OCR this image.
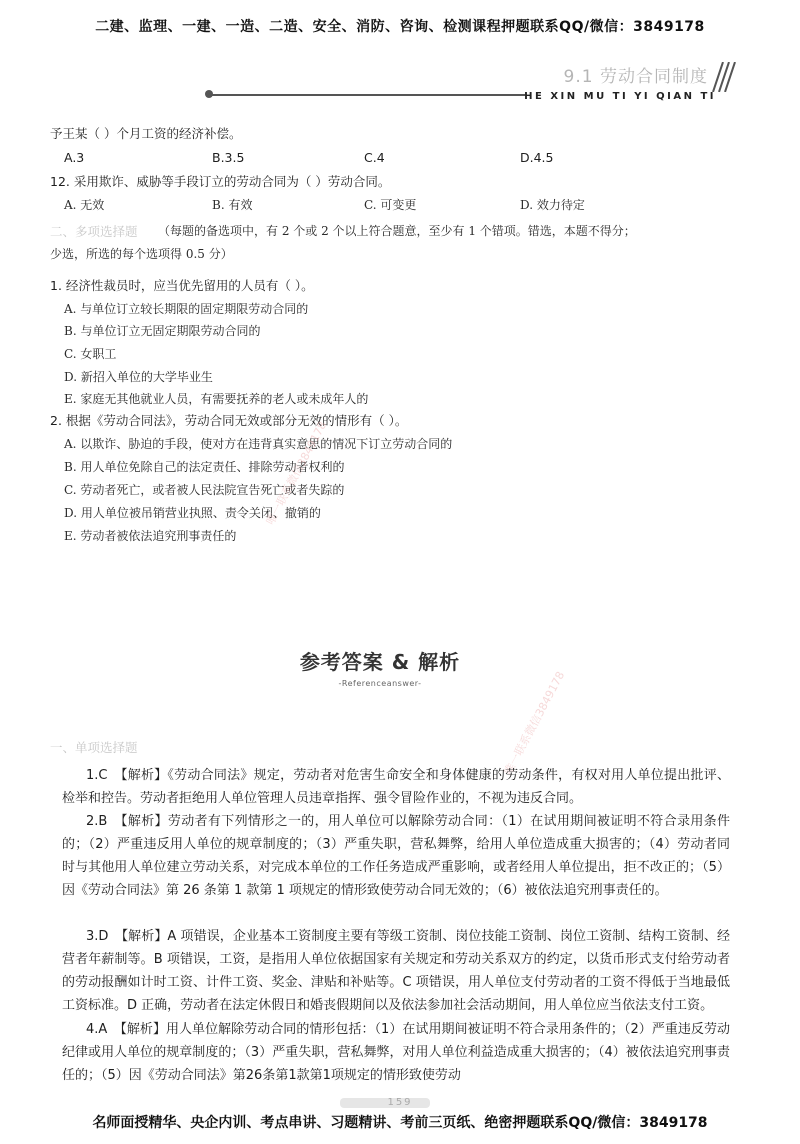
二建、监理、一建、一造、二造、安全、消防、咨询、检测课程押题联系QQ/微信：3849178
9.1 劳动合同制度
HE XIN MU TI YI QIAN TI
予王某（ ）个月工资的经济补偿。
A.3	B.3.5	C.4	D.4.5
12. 采用欺诈、威胁等手段订立的劳动合同为（ ）劳动合同。
A. 无效	B. 有效	C. 可变更	D. 效力待定
二、多项选择题 （每题的备选项中，有 2 个或 2 个以上符合题意，至少有 1 个错项。错选，本题不得分；
少选，所选的每个选项得 0.5 分）
1. 经济性裁员时，应当优先留用的人员有（ ）。
A. 与单位订立较长期限的固定期限劳动合同的
B. 与单位订立无固定期限劳动合同的
C. 女职工
D. 新招入单位的大学毕业生
E. 家庭无其他就业人员，有需要抚养的老人或未成年人的
2. 根据《劳动合同法》，劳动合同无效或部分无效的情形有（ ）。
A. 以欺诈、胁迫的手段，使对方在违背真实意思的情况下订立劳动合同的
B. 用人单位免除自己的法定责任、排除劳动者权利的
C. 劳动者死亡，或者被人民法院宣告死亡或者失踪的
D. 用人单位被吊销营业执照、责令关闭、撤销的
E. 劳动者被依法追究刑事责任的
唯一联系微信3849178
唯一联系微信3849178
参考答案 & 解析
-Referenceanswer-
一、单项选择题

1.C　【解析】《劳动合同法》规定，劳动者对危害生命安全和身体健康的劳动条件，有权对用人单位提出批评、检举和控告。劳动者拒绝用人单位管理人员违章指挥、强令冒险作业的，不视为违反合同。

2.B　【解析】劳动者有下列情形之一的，用人单位可以解除劳动合同：（1）在试用期间被证明不符合录用条件的；（2）严重违反用人单位的规章制度的；（3）严重失职，营私舞弊，给用人单位造成重大损害的；（4）劳动者同时与其他用人单位建立劳动关系，对完成本单位的工作任务造成严重影响，或者经用人单位提出，拒不改正的；（5）因《劳动合同法》第 26 条第 1 款第 1 项规定的情形致使劳动合同无效的；（6）被依法追究刑事责任的。

3.D　【解析】A 项错误，企业基本工资制度主要有等级工资制、岗位技能工资制、岗位工资制、结构工资制、经营者年薪制等。B 项错误，工资，是指用人单位依据国家有关规定和劳动关系双方的约定，以货币形式支付给劳动者的劳动报酬如计时工资、计件工资、奖金、津贴和补贴等。C 项错误，用人单位支付劳动者的工资不得低于当地最低工资标准。D 正确，劳动者在法定休假日和婚丧假期间以及依法参加社会活动期间，用人单位应当依法支付工资。

4.A　【解析】用人单位解除劳动合同的情形包括：（1）在试用期间被证明不符合录用条件的；（2）严重违反劳动纪律或用人单位的规章制度的；（3）严重失职，营私舞弊，对用人单位利益造成重大损害的；（4）被依法追究刑事责任的；（5）因《劳动合同法》第26条第1款第1项规定的情形致使劳动

159
名师面授精华、央企内训、考点串讲、习题精讲、考前三页纸、绝密押题联系QQ/微信：3849178
